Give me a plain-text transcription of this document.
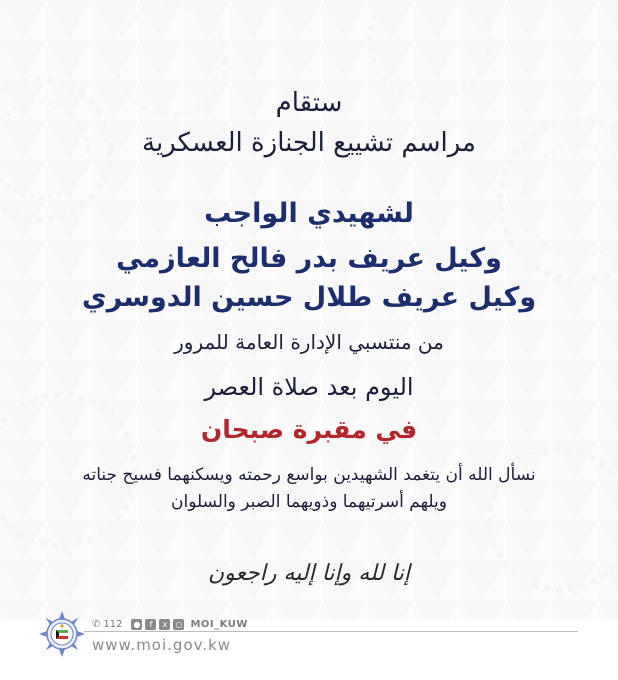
ستقام
مراسم تشييع الجنازة العسكرية
لشهيدي الواجب
وكيل عريف بدر فالح العازمي
وكيل عريف طلال حسين الدوسري
من منتسبي الإدارة العامة للمرور
اليوم بعد صلاة العصر
في مقبرة صبحان
نسأل الله أن يتغمد الشهيدين بواسع رحمته ويسكنهما فسيح جناته
ويلهم أسرتيهما وذويهما الصبر والسلوان
إنا لله وإنا إليه راجعون
✆ 112 ●	f	x	○ MOI_KUW
www.moi.gov.kw
